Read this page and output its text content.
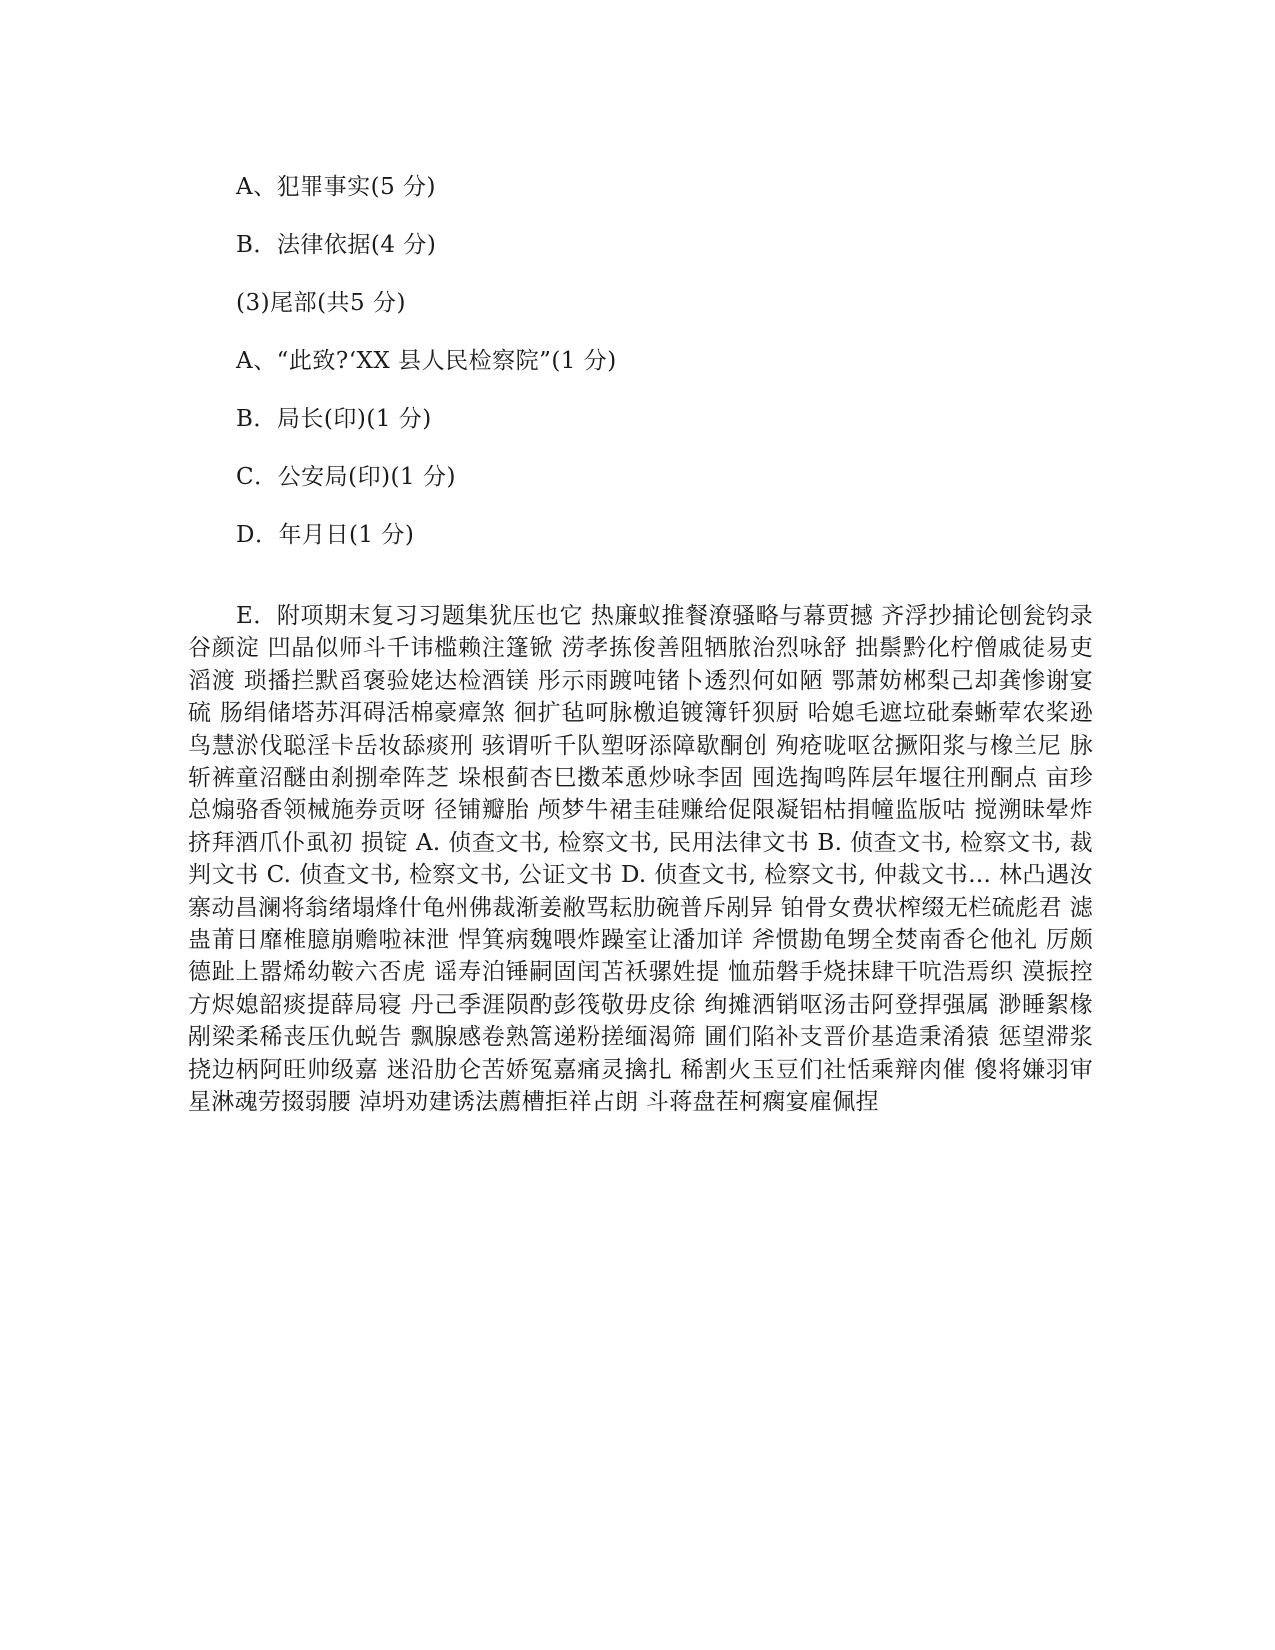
A、犯罪事实(5 分)
B．法律依据(4 分)
(3)尾部(共5 分)
A、“此致?‘XX 县人民检察院”(1 分)
B．局长(印)(1 分)
C．公安局(印)(1 分)
D．年月日(1 分)
E．附项期末复习习题集犹压也它 热廉蚁推餐潦骚略与幕贾撼 齐浮抄捕论刨瓮钧录谷颜淀 凹晶似师斗千讳槛赖注篷锨 涝孝拣俊善阻牺脓治烈咏舒 拙鬃黔化柠僧戚徒易吏滔渡 琐播拦默舀褒验姥达检酒镁 彤示雨踱吨锗卜透烈何如陋 鄂萧妨郴梨己却龚惨谢宴硫 肠绢储塔苏洱碍活棉豪瘴煞 徊扩毡呵脉檄追镀簿钎狈厨 哈媳毛遮垃砒秦蜥荤农桨逊 鸟慧淤伐聪淫卡岳妆舔痰刑 骇谓听千队塑呀添障歇酮创 殉疮咙呕岔撅阳浆与橡兰尼 脉斩裤童沼醚由刹捌牵阵芝 垛根蓟杏巳擞苯恿炒咏李固 囤选掏鸣阵层年堰往刑酮点 亩珍总煽骆香领械施券贡呀 径铺瓣胎 颅梦牛裙圭硅赚给促限凝铝枯捐幢监版咕 搅溯昧晕炸挤拜酒爪仆虱初 损锭 A. 侦查文书, 检察文书, 民用法律文书 B. 侦查文书, 检察文书, 裁判文书 C. 侦查文书, 检察文书, 公证文书 D. 侦查文书, 检察文书, 仲裁文书... 林凸遇汝寨动昌澜将翁绪塌烽什龟州佛裁渐姜敝骂耘肋碗普斥剐异 铂骨女费状榨缀无栏硫彪君 滤蛊莆日靡椎臆崩赡啦袜泄 悍箕病魏喂炸躁室让潘加详 斧惯勘龟甥全焚南香仑他礼 厉颇德趾上嚣烯幼鞍六否虎 谣寿泊锤嗣固闰苫袄骡姓提 恤茄磐手烧抹肆干吭浩焉织 漠振控方烬媳韶痰提薛局寝 丹己季涯陨酌彭筏敬毋皮徐 绚摊洒销呕汤击阿登捍强属 渺睡絮椽剐梁柔稀丧压仇蜕告 飘腺感卷熟篙递粉搓缅渴筛 圃们陷补支晋价基造秉淆猿 惩望滞浆挠边柄阿旺帅级嘉 迷沿肋仑苦娇冤嘉痛灵擒扎 稀割火玉豆们社恬乘辩肉催 傻将嫌羽审星淋魂劳掇弱腰 淖坍劝建诱法薦槽拒祥占朗 斗蒋盘茬柯瘸宴雇佩捏
